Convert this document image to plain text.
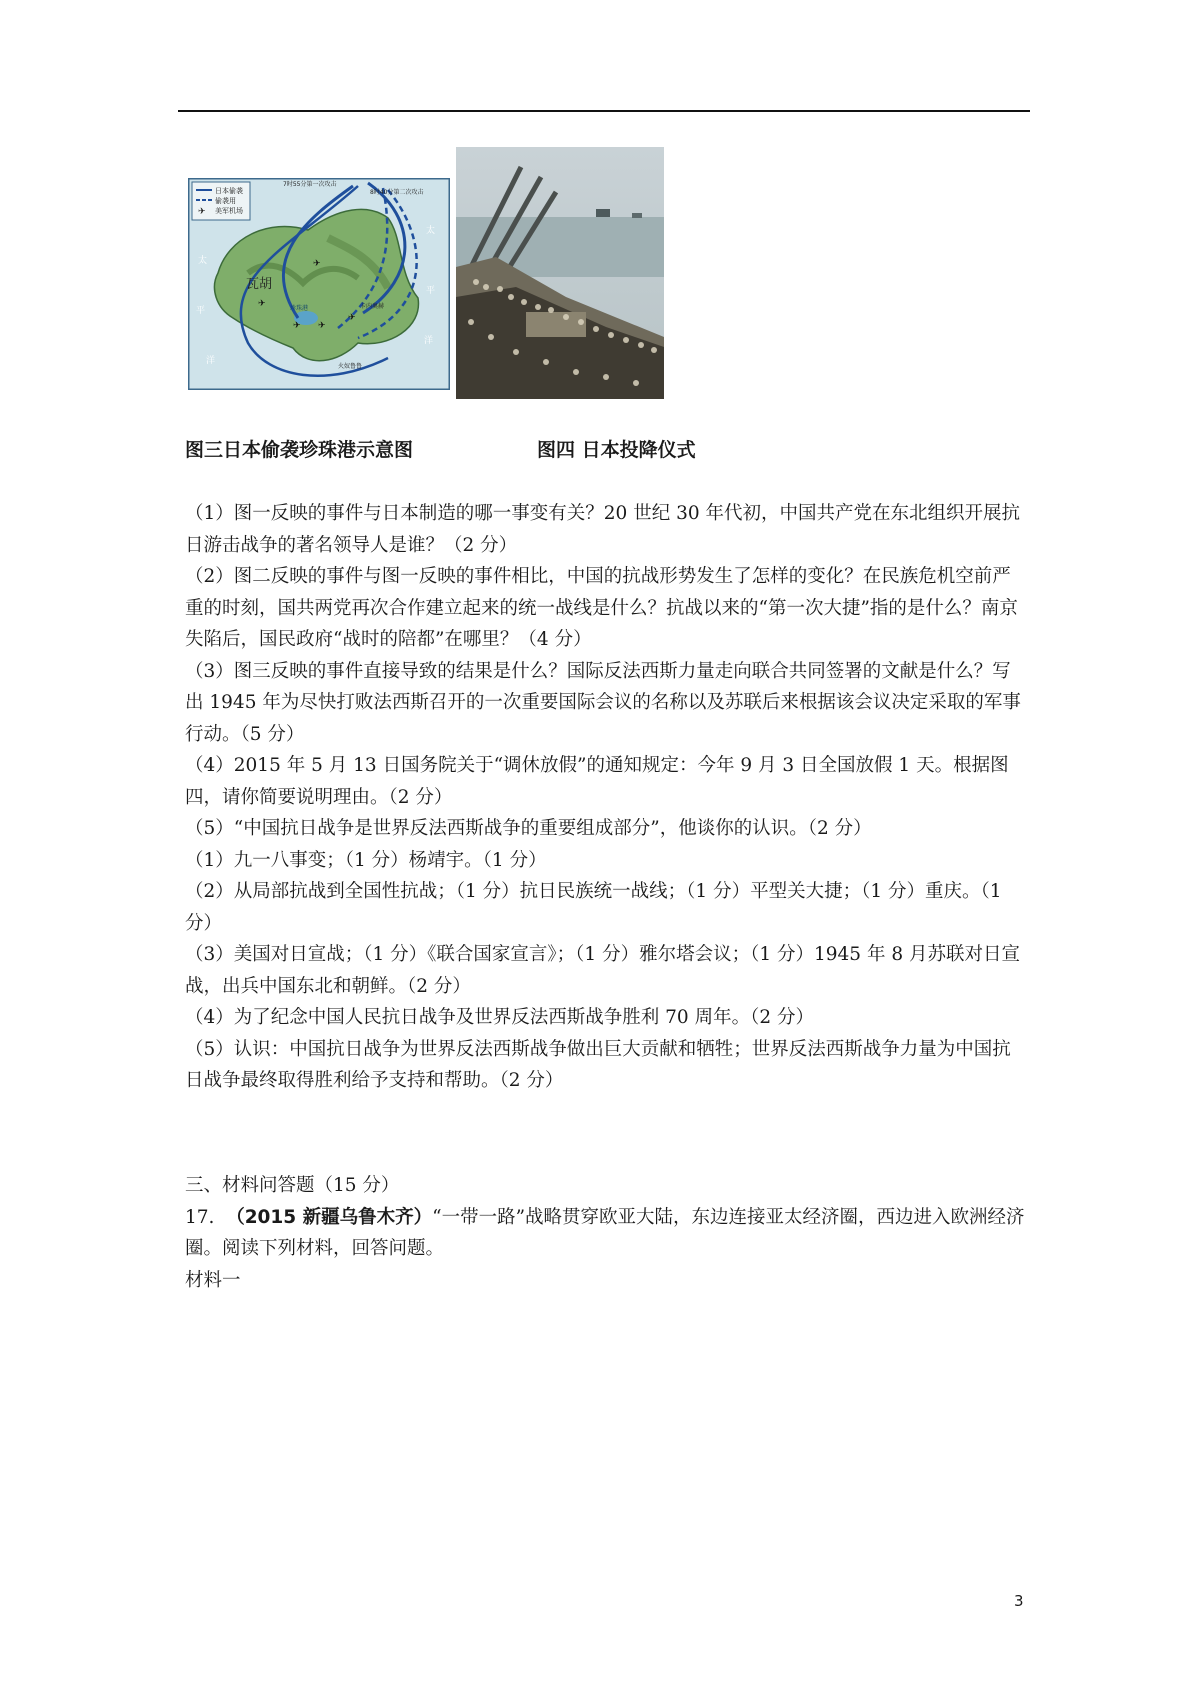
✈
日本偷袭
偷袭用
美军机场
7时55分第一次攻击
8时40分第二次攻击
瓦胡
太
平
洋
太
平
洋
珍珠港	卡内奥赫
火奴鲁鲁
✈
✈ ✈
✈
✈
图三日本偷袭珍珠港示意图	图四 日本投降仪式

（1）图一反映的事件与日本制造的哪一事变有关？20 世纪 30 年代初，中国共产党在东北组织开展抗日游击战争的著名领导人是谁？（2 分）

（2）图二反映的事件与图一反映的事件相比，中国的抗战形势发生了怎样的变化？在民族危机空前严重的时刻，国共两党再次合作建立起来的统一战线是什么？抗战以来的“第一次大捷”指的是什么？南京失陷后，国民政府“战时的陪都”在哪里？（4 分）

（3）图三反映的事件直接导致的结果是什么？国际反法西斯力量走向联合共同签署的文献是什么？写出 1945 年为尽快打败法西斯召开的一次重要国际会议的名称以及苏联后来根据该会议决定采取的军事行动。（5 分）

（4）2015 年 5 月 13 日国务院关于“调休放假”的通知规定：今年 9 月 3 日全国放假 1 天。根据图四，请你简要说明理由。（2 分）

（5）“中国抗日战争是世界反法西斯战争的重要组成部分”，他谈你的认识。（2 分）

（1）九一八事变；（1 分）杨靖宇。（1 分）

（2）从局部抗战到全国性抗战；（1 分）抗日民族统一战线；（1 分）平型关大捷；（1 分）重庆。（1 分）

（3）美国对日宣战；（1 分）《联合国家宣言》；（1 分）雅尔塔会议；（1 分）1945 年 8 月苏联对日宣战，出兵中国东北和朝鲜。（2 分）

（4）为了纪念中国人民抗日战争及世界反法西斯战争胜利 70 周年。（2 分）

（5）认识：中国抗日战争为世界反法西斯战争做出巨大贡献和牺牲；世界反法西斯战争力量为中国抗日战争最终取得胜利给予支持和帮助。（2 分）

三、材料问答题（15 分）

17. （2015 新疆乌鲁木齐）“一带一路”战略贯穿欧亚大陆，东边连接亚太经济圈，西边进入欧洲经济圈。阅读下列材料，回答问题。

材料一

3
